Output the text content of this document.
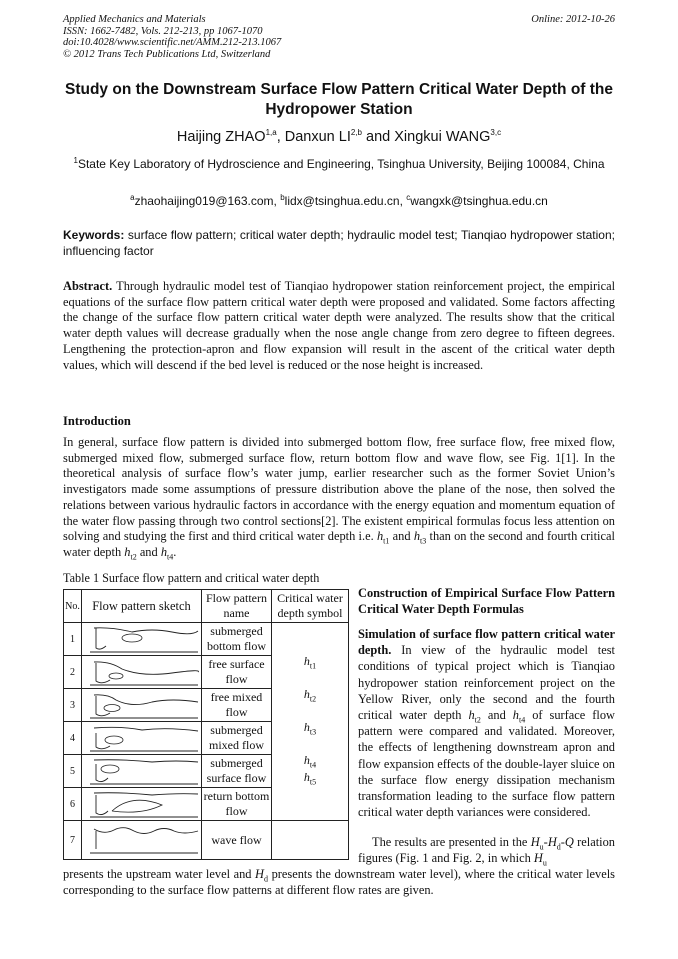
Applied Mechanics and Materials
ISSN: 1662-7482, Vols. 212-213, pp 1067-1070
doi:10.4028/www.scientific.net/AMM.212-213.1067
© 2012 Trans Tech Publications Ltd, Switzerland
Online: 2012-10-26
Study on the Downstream Surface Flow Pattern Critical Water Depth of the Hydropower Station
Haijing ZHAO$^{1,a}$, Danxun LI$^{2,b}$ and Xingkui WANG$^{3,c}$
$^1$State Key Laboratory of Hydroscience and Engineering, Tsinghua University, Beijing 100084, China
$^a$zhaohaijing019@163.com, $^b$lidx@tsinghua.edu.cn, $^c$wangxk@tsinghua.edu.cn
Keywords: surface flow pattern; critical water depth; hydraulic model test; Tianqiao hydropower station; influencing factor
Abstract. Through hydraulic model test of Tianqiao hydropower station reinforcement project, the empirical equations of the surface flow pattern critical water depth were proposed and validated. Some factors affecting the change of the surface flow pattern critical water depth were analyzed. The results show that the critical water depth values will decrease gradually when the nose angle change from zero degree to fifteen degrees. Lengthening the protection-apron and flow expansion will result in the ascent of the critical water depth values, which will descend if the bed level is reduced or the nose height is increased.
Introduction
In general, surface flow pattern is divided into submerged bottom flow, free surface flow, free mixed flow, submerged mixed flow, submerged surface flow, return bottom flow and wave flow, see Fig. 1[1]. In the theoretical analysis of surface flow’s water jump, earlier researcher such as the former Soviet Union’s investigators made some assumptions of pressure distribution above the plane of the nose, then solved the relations between various hydraulic factors in accordance with the energy equation and momentum equation of the water flow passing through two control sections[2]. The existent empirical formulas focus less attention on solving and studying the first and third critical water depth i.e. $h_{t1}$ and $h_{t3}$ than on the second and fourth critical water depth $h_{t2}$ and $h_{t4}$.
Table 1 Surface flow pattern and critical water depth
No.	Flow pattern sketch	Flow pattern name	Critical water depth symbol
1		submerged bottom flow	
2		free surface flow	$h_{t1}$

3		free mixed flow	$h_{t2}$

4		submerged mixed flow	$h_{t3}$

5		submerged surface flow	$h_{t4}$

6		return bottom flow	$h_{t5}$

7		wave flow	
Construction of Empirical Surface Flow Pattern Critical Water Depth Formulas
Simulation of surface flow pattern critical water depth. In view of the hydraulic model test conditions of typical project which is Tianqiao hydropower station reinforcement project on the Yellow River, only the second and the fourth critical water depth $h_{t2}$ and $h_{t4}$ of surface flow pattern were compared and validated. Moreover, the effects of lengthening downstream apron and flow expansion effects of the double-layer sluice on the surface flow energy dissipation mechanism transformation leading to the surface flow pattern critical water depth variances were considered.
The results are presented in the $H_u-H_d-Q$ relation figures (Fig. 1 and Fig. 2, in which $H_u$
presents the upstream water level and $H_d$ presents the downstream water level), where the critical water levels corresponding to the surface flow patterns at different flow rates are given.
